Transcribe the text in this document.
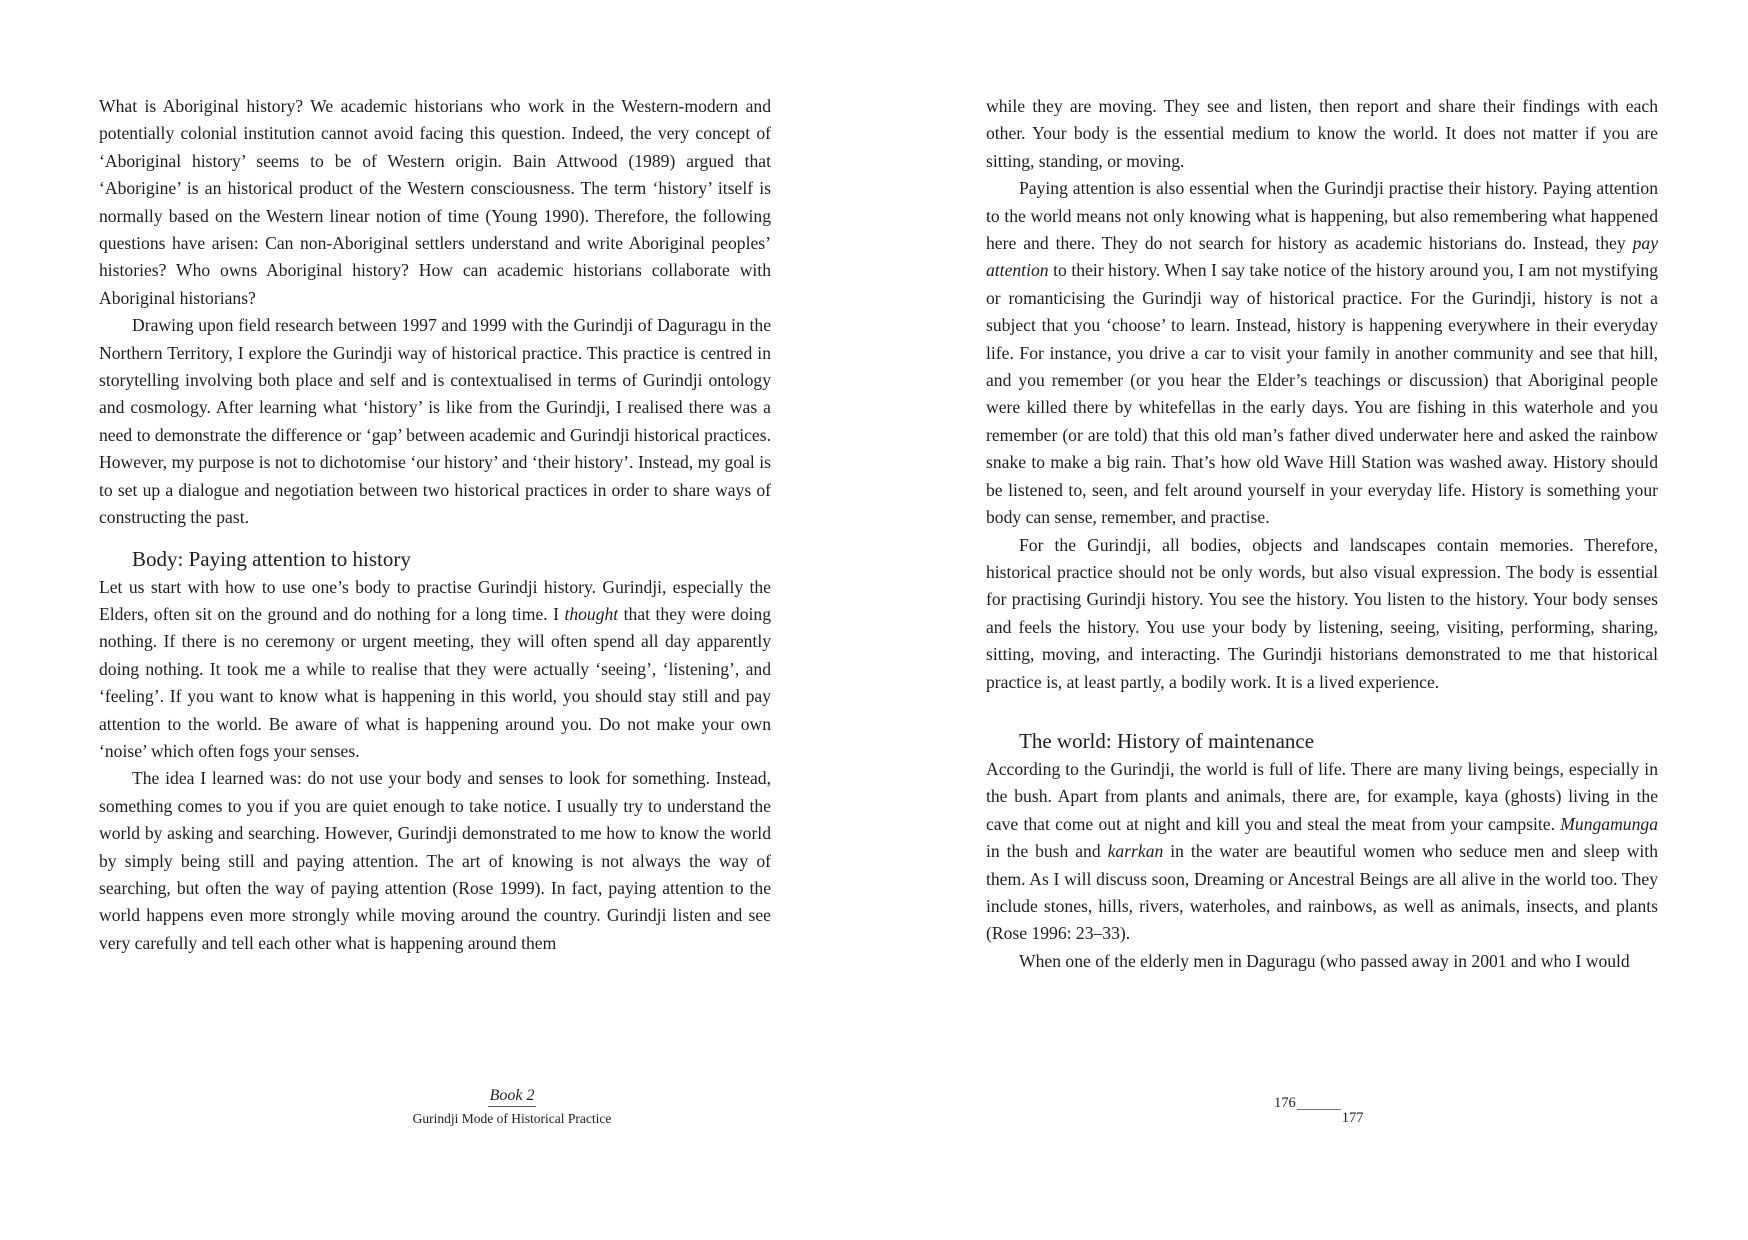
What is Aboriginal history? We academic historians who work in the Western-modern and potentially colonial institution cannot avoid facing this question. Indeed, the very concept of ‘Aboriginal history’ seems to be of Western origin. Bain Attwood (1989) argued that ‘Aborigine’ is an historical product of the Western consciousness. The term ‘history’ itself is normally based on the Western linear notion of time (Young 1990). Therefore, the following questions have arisen: Can non-Aboriginal settlers understand and write Aboriginal peoples’ histories? Who owns Aboriginal history? How can academic historians collaborate with Aboriginal historians?

Drawing upon field research between 1997 and 1999 with the Gurindji of Daguragu in the Northern Territory, I explore the Gurindji way of historical practice. This practice is centred in storytelling involving both place and self and is contextualised in terms of Gurindji ontology and cosmology. After learning what ‘history’ is like from the Gurindji, I realised there was a need to demonstrate the difference or ‘gap’ between academic and Gurindji historical practices. However, my purpose is not to dichotomise ‘our history’ and ‘their history’. Instead, my goal is to set up a dialogue and negotiation between two historical practices in order to share ways of constructing the past.

Body: Paying attention to history

Let us start with how to use one’s body to practise Gurindji history. Gurindji, especially the Elders, often sit on the ground and do nothing for a long time. I thought that they were doing nothing. If there is no ceremony or urgent meeting, they will often spend all day apparently doing nothing. It took me a while to realise that they were actually ‘seeing’, ‘listening’, and ‘feeling’. If you want to know what is happening in this world, you should stay still and pay attention to the world. Be aware of what is happening around you. Do not make your own ‘noise’ which often fogs your senses.

The idea I learned was: do not use your body and senses to look for something. Instead, something comes to you if you are quiet enough to take notice. I usually try to understand the world by asking and searching. However, Gurindji demonstrated to me how to know the world by simply being still and paying attention. The art of knowing is not always the way of searching, but often the way of paying attention (Rose 1999). In fact, paying attention to the world happens even more strongly while moving around the country. Gurindji listen and see very carefully and tell each other what is happening around them

Book 2
Gurindji Mode of Historical Practice

while they are moving. They see and listen, then report and share their findings with each other. Your body is the essential medium to know the world. It does not matter if you are sitting, standing, or moving.

Paying attention is also essential when the Gurindji practise their history. Paying attention to the world means not only knowing what is happening, but also remembering what happened here and there. They do not search for history as academic historians do. Instead, they pay attention to their history. When I say take notice of the history around you, I am not mystifying or romanticising the Gurindji way of historical practice. For the Gurindji, history is not a subject that you ‘choose’ to learn. Instead, history is happening everywhere in their everyday life. For instance, you drive a car to visit your family in another community and see that hill, and you remember (or you hear the Elder’s teachings or discussion) that Aboriginal people were killed there by whitefellas in the early days. You are fishing in this waterhole and you remember (or are told) that this old man’s father dived underwater here and asked the rainbow snake to make a big rain. That’s how old Wave Hill Station was washed away. History should be listened to, seen, and felt around yourself in your everyday life. History is something your body can sense, remember, and practise.

For the Gurindji, all bodies, objects and landscapes contain memories. Therefore, historical practice should not be only words, but also visual expression. The body is essential for practising Gurindji history. You see the history. You listen to the history. Your body senses and feels the history. You use your body by listening, seeing, visiting, performing, sharing, sitting, moving, and interacting. The Gurindji historians demonstrated to me that historical practice is, at least partly, a bodily work. It is a lived experience.

The world: History of maintenance

According to the Gurindji, the world is full of life. There are many living beings, especially in the bush. Apart from plants and animals, there are, for example, kaya (ghosts) living in the cave that come out at night and kill you and steal the meat from your campsite. Mungamunga in the bush and karrkan in the water are beautiful women who seduce men and sleep with them. As I will discuss soon, Dreaming or Ancestral Beings are all alive in the world too. They include stones, hills, rivers, waterholes, and rainbows, as well as animals, insects, and plants (Rose 1996: 23–33).

When one of the elderly men in Daguragu (who passed away in 2001 and who I would

176177
